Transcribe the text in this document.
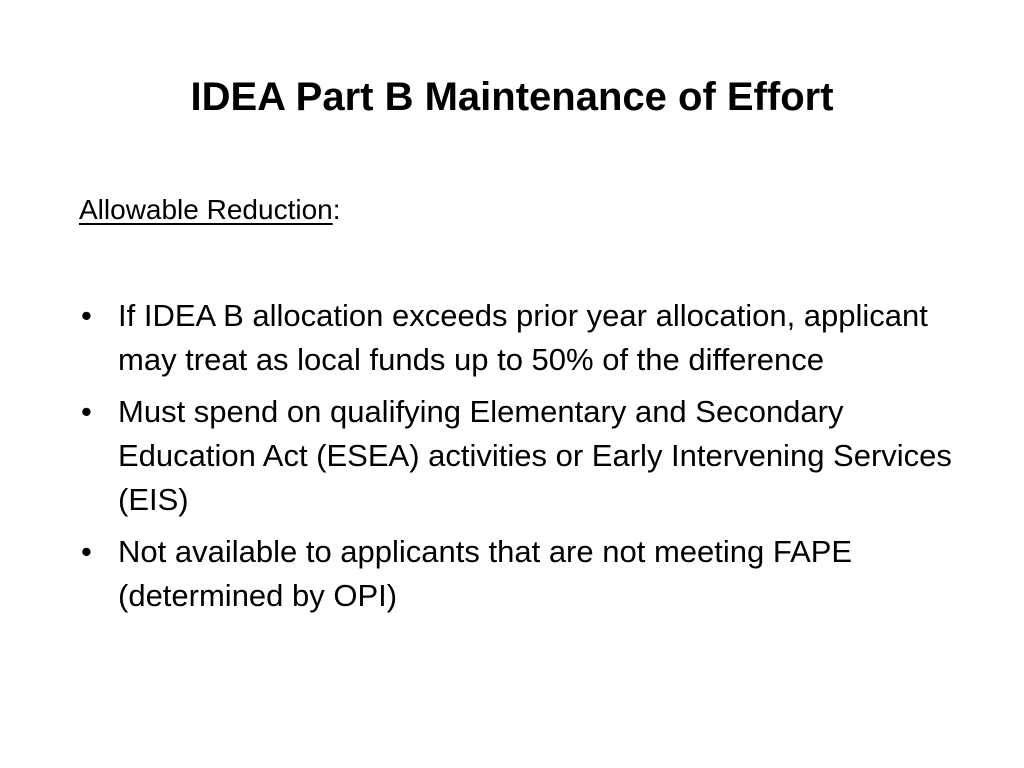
IDEA Part B Maintenance of Effort
Allowable Reduction:
• If IDEA B allocation exceeds prior year allocation, applicant may treat as local funds up to 50% of the difference
• Must spend on qualifying Elementary and Secondary Education Act (ESEA) activities or Early Intervening Services (EIS)
• Not available to applicants that are not meeting FAPE (determined by OPI)
